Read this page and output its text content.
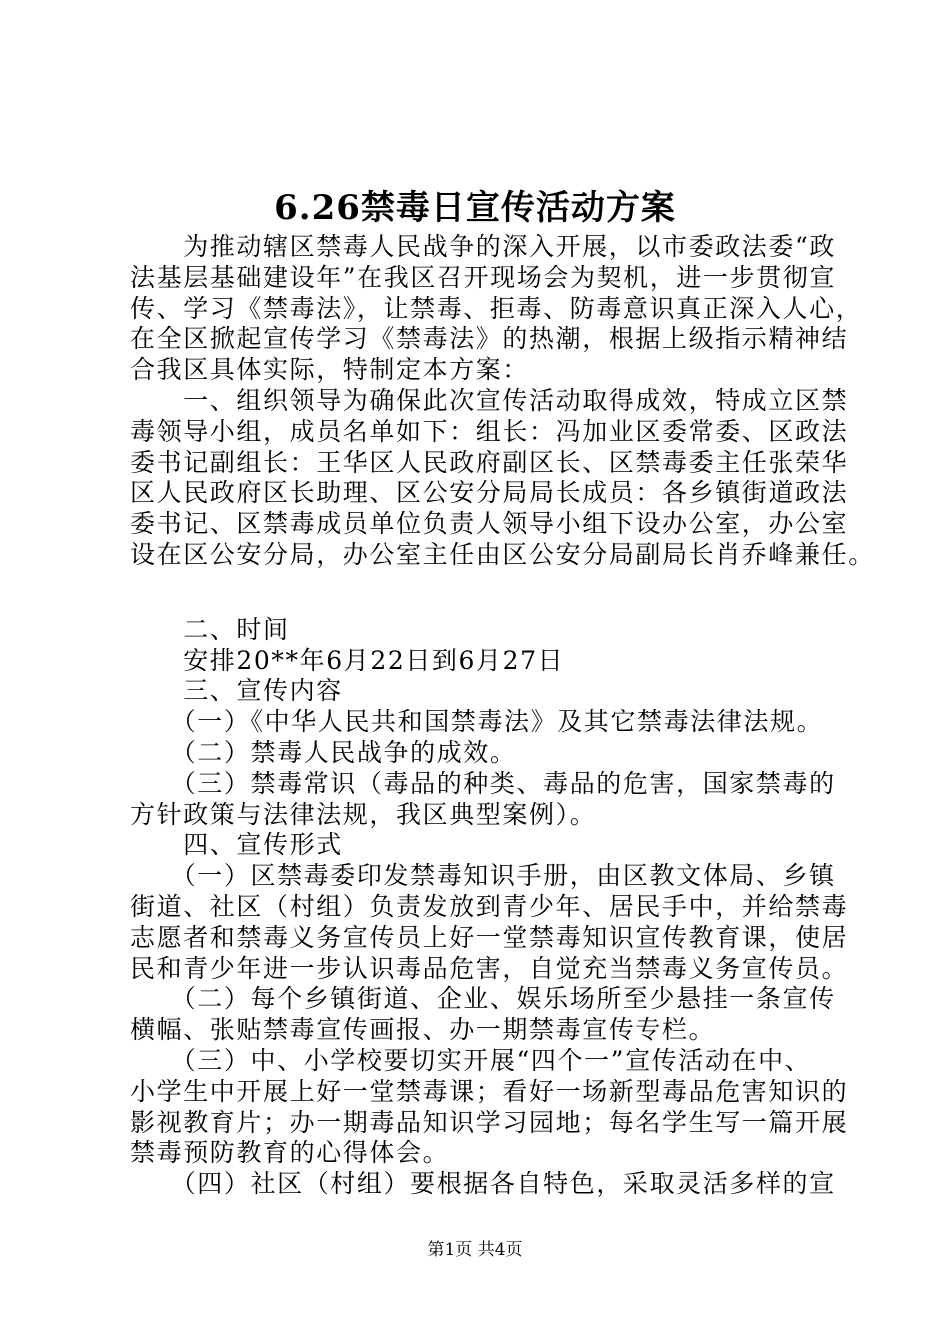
6.26禁毒日宣传活动方案
　　为推动辖区禁毒人民战争的深入开展，以市委政法委“政
法基层基础建设年”在我区召开现场会为契机，进一步贯彻宣
传、学习《禁毒法》，让禁毒、拒毒、防毒意识真正深入人心，
在全区掀起宣传学习《禁毒法》的热潮，根据上级指示精神结
合我区具体实际，特制定本方案：
　　一、组织领导为确保此次宣传活动取得成效，特成立区禁
毒领导小组，成员名单如下：组长：冯加业区委常委、区政法
委书记副组长：王华区人民政府副区长、区禁毒委主任张荣华
区人民政府区长助理、区公安分局局长成员：各乡镇街道政法
委书记、区禁毒成员单位负责人领导小组下设办公室，办公室
设在区公安分局，办公室主任由区公安分局副局长肖乔峰兼任。
　　二、时间
　　安排20**年6月22日到6月27日
　　三、宣传内容
　　（一）《中华人民共和国禁毒法》及其它禁毒法律法规。
　　（二）禁毒人民战争的成效。
　　（三）禁毒常识（毒品的种类、毒品的危害，国家禁毒的
方针政策与法律法规，我区典型案例）。
　　四、宣传形式
　　（一）区禁毒委印发禁毒知识手册，由区教文体局、乡镇
街道、社区（村组）负责发放到青少年、居民手中，并给禁毒
志愿者和禁毒义务宣传员上好一堂禁毒知识宣传教育课，使居
民和青少年进一步认识毒品危害，自觉充当禁毒义务宣传员。
　　（二）每个乡镇街道、企业、娱乐场所至少悬挂一条宣传
横幅、张贴禁毒宣传画报、办一期禁毒宣传专栏。
　　（三）中、小学校要切实开展“四个一”宣传活动在中、
小学生中开展上好一堂禁毒课；看好一场新型毒品危害知识的
影视教育片；办一期毒品知识学习园地；每名学生写一篇开展
禁毒预防教育的心得体会。
　　（四）社区（村组）要根据各自特色，采取灵活多样的宣
第1页 共4页
